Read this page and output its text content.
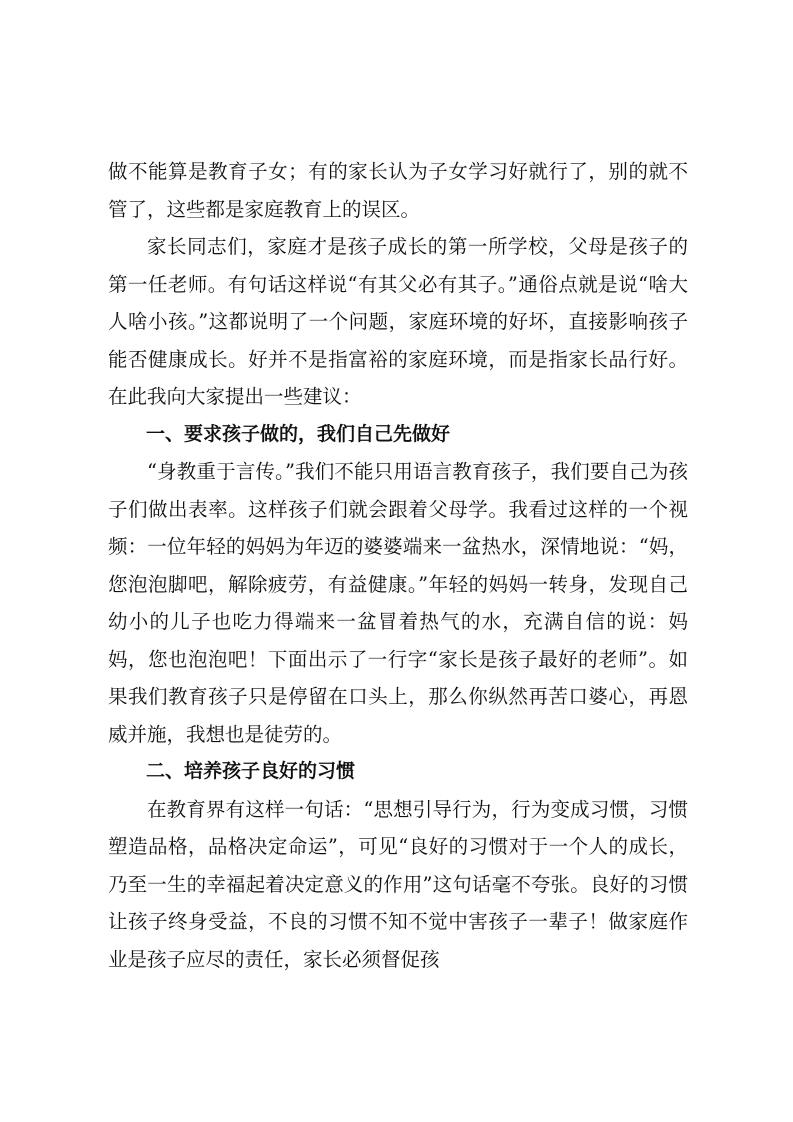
做不能算是教育子女；有的家长认为子女学习好就行了，别的就不管了，这些都是家庭教育上的误区。

家长同志们，家庭才是孩子成长的第一所学校，父母是孩子的第一任老师。有句话这样说“有其父必有其子。”通俗点就是说“啥大人啥小孩。”这都说明了一个问题，家庭环境的好坏，直接影响孩子能否健康成长。好并不是指富裕的家庭环境，而是指家长品行好。在此我向大家提出一些建议：

一、要求孩子做的，我们自己先做好

“身教重于言传。”我们不能只用语言教育孩子，我们要自己为孩子们做出表率。这样孩子们就会跟着父母学。我看过这样的一个视频：一位年轻的妈妈为年迈的婆婆端来一盆热水，深情地说：“妈，您泡泡脚吧，解除疲劳，有益健康。”年轻的妈妈一转身，发现自己幼小的儿子也吃力得端来一盆冒着热气的水，充满自信的说：妈妈，您也泡泡吧！下面出示了一行字“家长是孩子最好的老师”。如果我们教育孩子只是停留在口头上，那么你纵然再苦口婆心，再恩威并施，我想也是徒劳的。

二、培养孩子良好的习惯

在教育界有这样一句话：“思想引导行为，行为变成习惯，习惯塑造品格，品格决定命运”，可见“良好的习惯对于一个人的成长，乃至一生的幸福起着决定意义的作用”这句话毫不夸张。良好的习惯让孩子终身受益，不良的习惯不知不觉中害孩子一辈子！做家庭作业是孩子应尽的责任，家长必须督促孩
